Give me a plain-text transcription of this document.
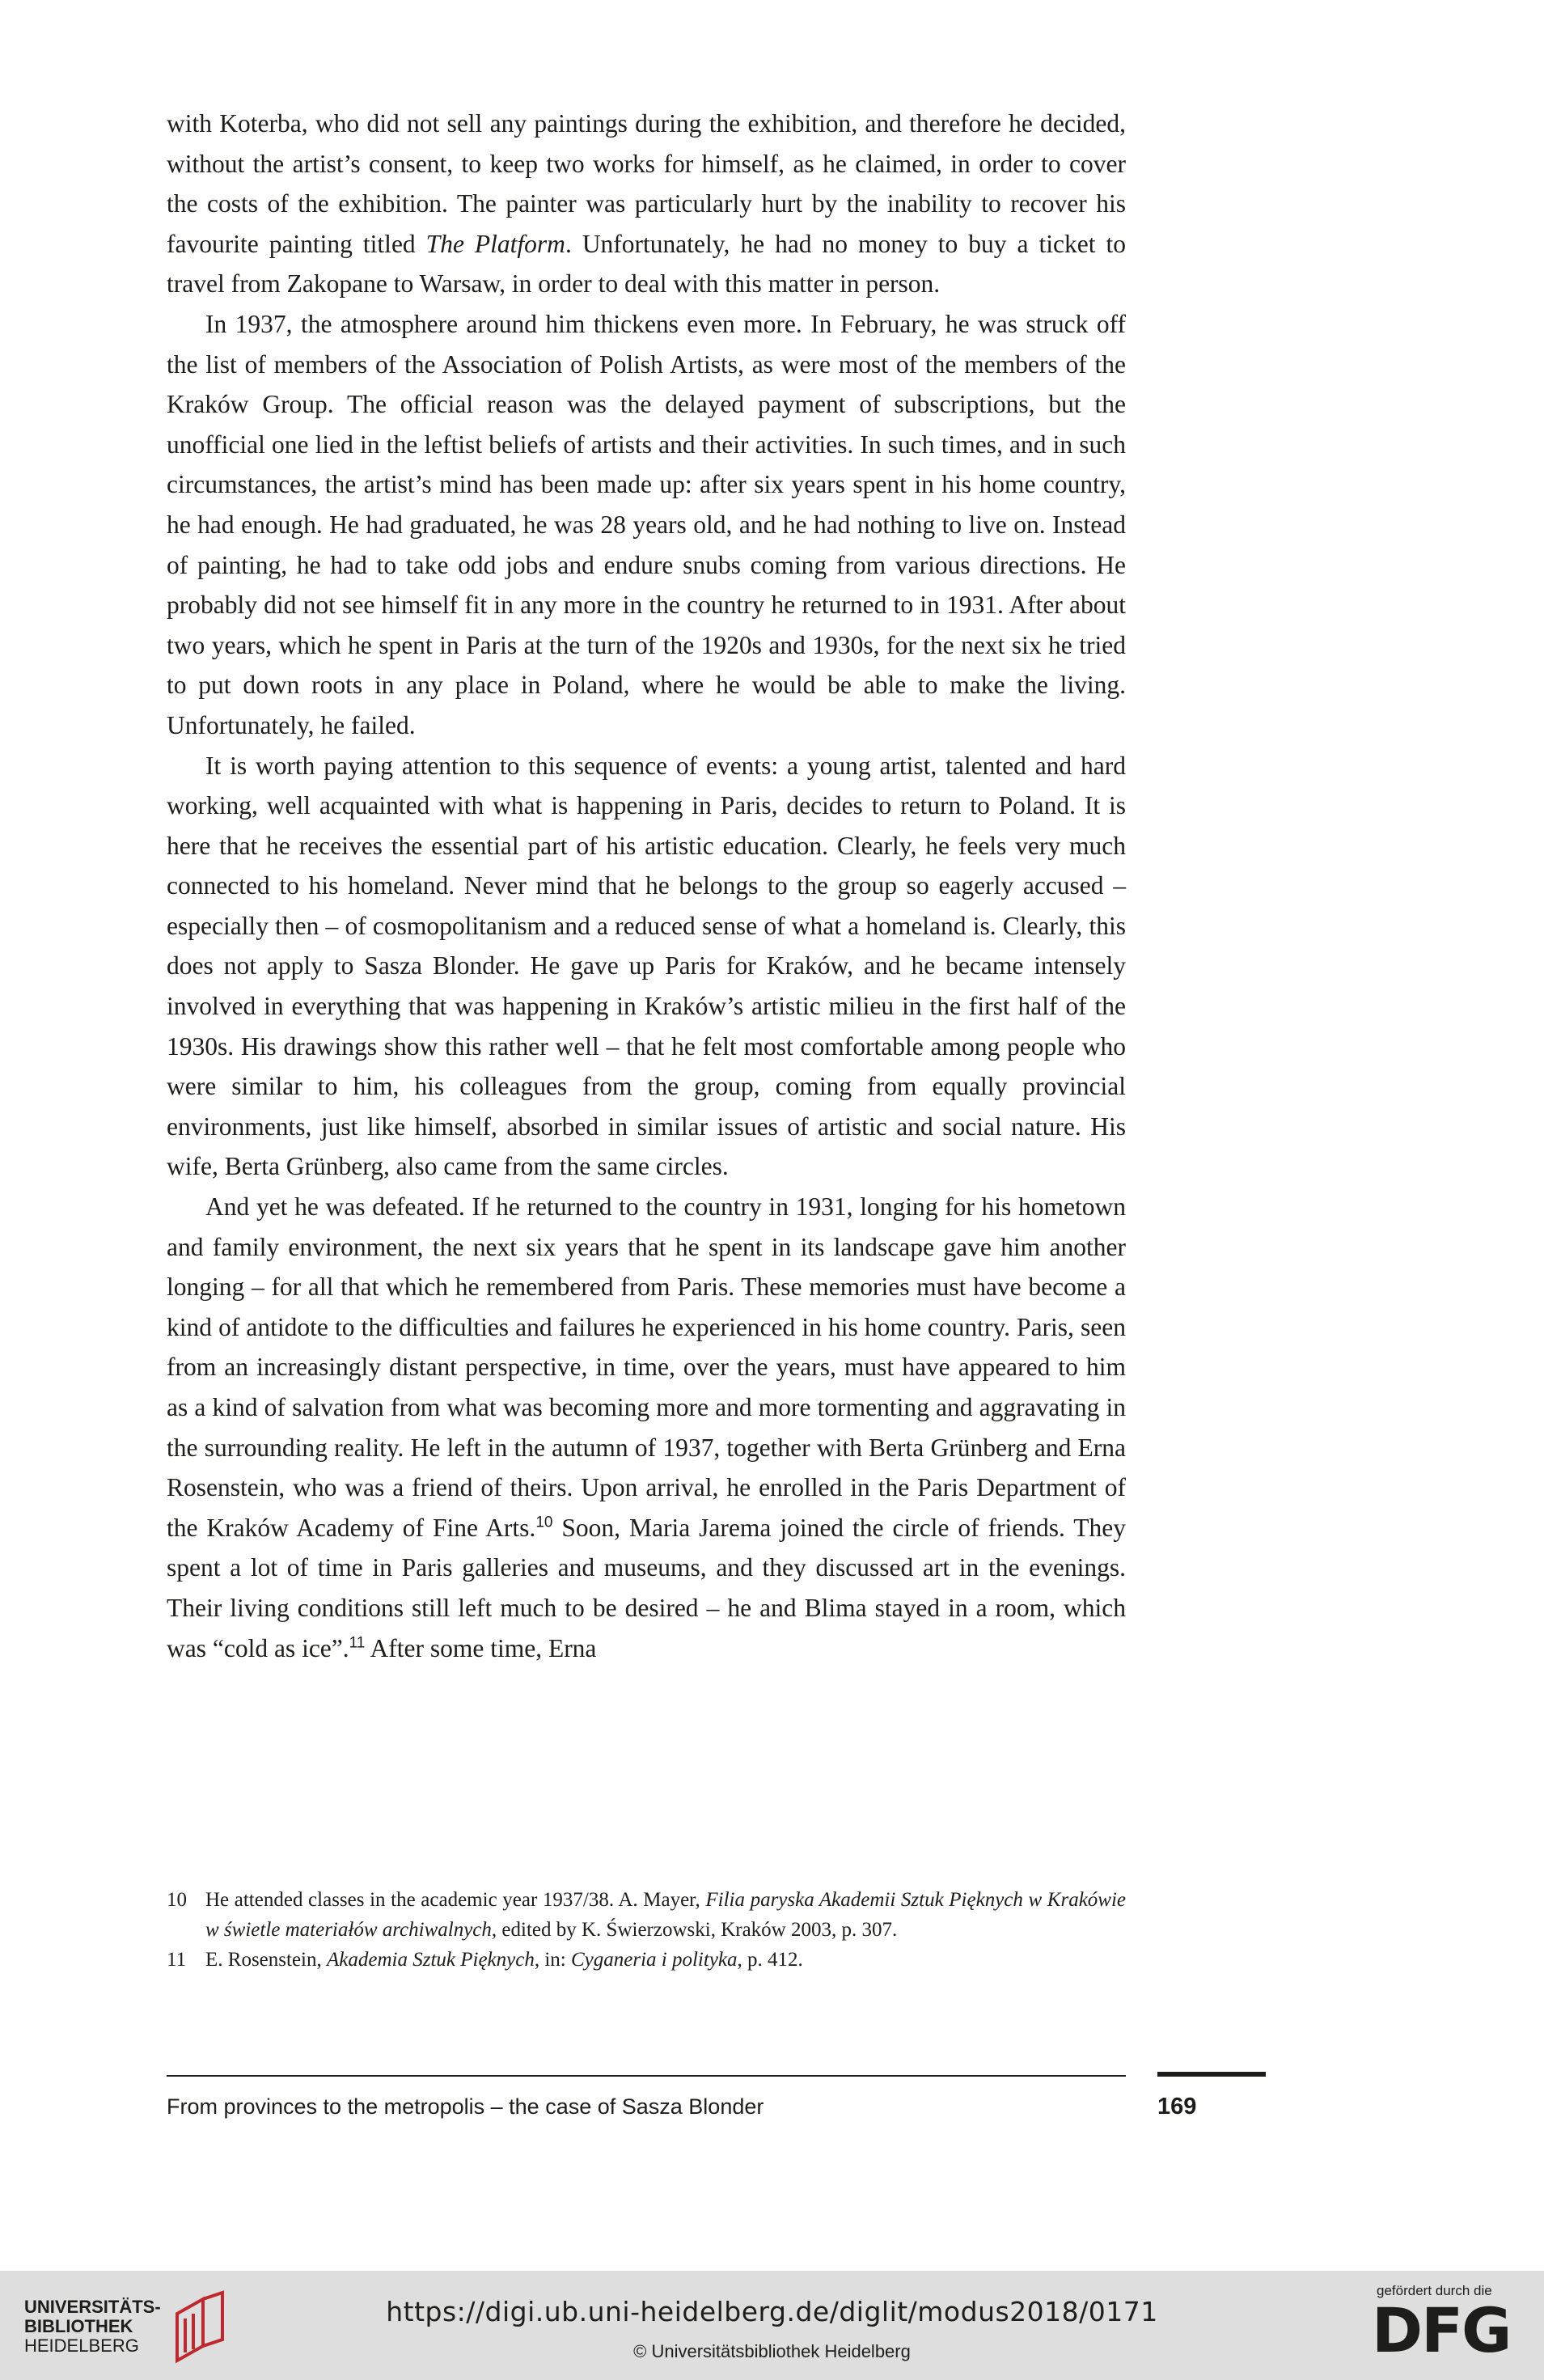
with Koterba, who did not sell any paintings during the exhibition, and therefore he decided, without the artist’s consent, to keep two works for himself, as he claimed, in order to cover the costs of the exhibition. The painter was particularly hurt by the inability to recover his favourite painting titled The Platform. Unfortunately, he had no money to buy a ticket to travel from Zakopane to Warsaw, in order to deal with this matter in person.

In 1937, the atmosphere around him thickens even more. In February, he was struck off the list of members of the Association of Polish Artists, as were most of the members of the Kraków Group. The official reason was the delayed payment of subscriptions, but the unofficial one lied in the leftist beliefs of artists and their activities. In such times, and in such circumstances, the artist’s mind has been made up: after six years spent in his home country, he had enough. He had graduated, he was 28 years old, and he had nothing to live on. Instead of painting, he had to take odd jobs and endure snubs coming from various directions. He probably did not see himself fit in any more in the country he returned to in 1931. After about two years, which he spent in Paris at the turn of the 1920s and 1930s, for the next six he tried to put down roots in any place in Poland, where he would be able to make the living. Unfortunately, he failed.

It is worth paying attention to this sequence of events: a young artist, talented and hard working, well acquainted with what is happening in Paris, decides to return to Poland. It is here that he receives the essential part of his artistic education. Clearly, he feels very much connected to his homeland. Never mind that he belongs to the group so eagerly accused – especially then – of cosmopolitanism and a reduced sense of what a homeland is. Clearly, this does not apply to Sasza Blonder. He gave up Paris for Kraków, and he became intensely involved in everything that was happening in Kraków’s artistic milieu in the first half of the 1930s. His drawings show this rather well – that he felt most comfortable among people who were similar to him, his colleagues from the group, coming from equally provincial environments, just like himself, absorbed in similar issues of artistic and social nature. His wife, Berta Grünberg, also came from the same circles.

And yet he was defeated. If he returned to the country in 1931, longing for his hometown and family environment, the next six years that he spent in its landscape gave him another longing – for all that which he remembered from Paris. These memories must have become a kind of antidote to the difficulties and failures he experienced in his home country. Paris, seen from an increasingly distant perspective, in time, over the years, must have appeared to him as a kind of salvation from what was becoming more and more tormenting and aggravating in the surrounding reality. He left in the autumn of 1937, together with Berta Grünberg and Erna Rosenstein, who was a friend of theirs. Upon arrival, he enrolled in the Paris Department of the Kraków Academy of Fine Arts.$^{10}$ Soon, Maria Jarema joined the circle of friends. They spent a lot of time in Paris galleries and museums, and they discussed art in the evenings. Their living conditions still left much to be desired – he and Blima stayed in a room, which was “cold as ice”.$^{11}$ After some time, Erna

10 He attended classes in the academic year 1937/38. A. Mayer, Filia paryska Akademii Sztuk Pięknych w Krakówie w świetle materiałów archiwalnych, edited by K. Świerzowski, Kraków 2003, p. 307.
11 E. Rosenstein, Akademia Sztuk Pięknych, in: Cyganeria i polityka, p. 412.
From provinces to the metropolis – the case of Sasza Blonder	169
UNIVERSITÄTS-
BIBLIOTHEK
HEIDELBERG
https://digi.ub.uni-heidelberg.de/diglit/modus2018/0171
© Universitätsbibliothek Heidelberg
gefördert durch die
DFG
